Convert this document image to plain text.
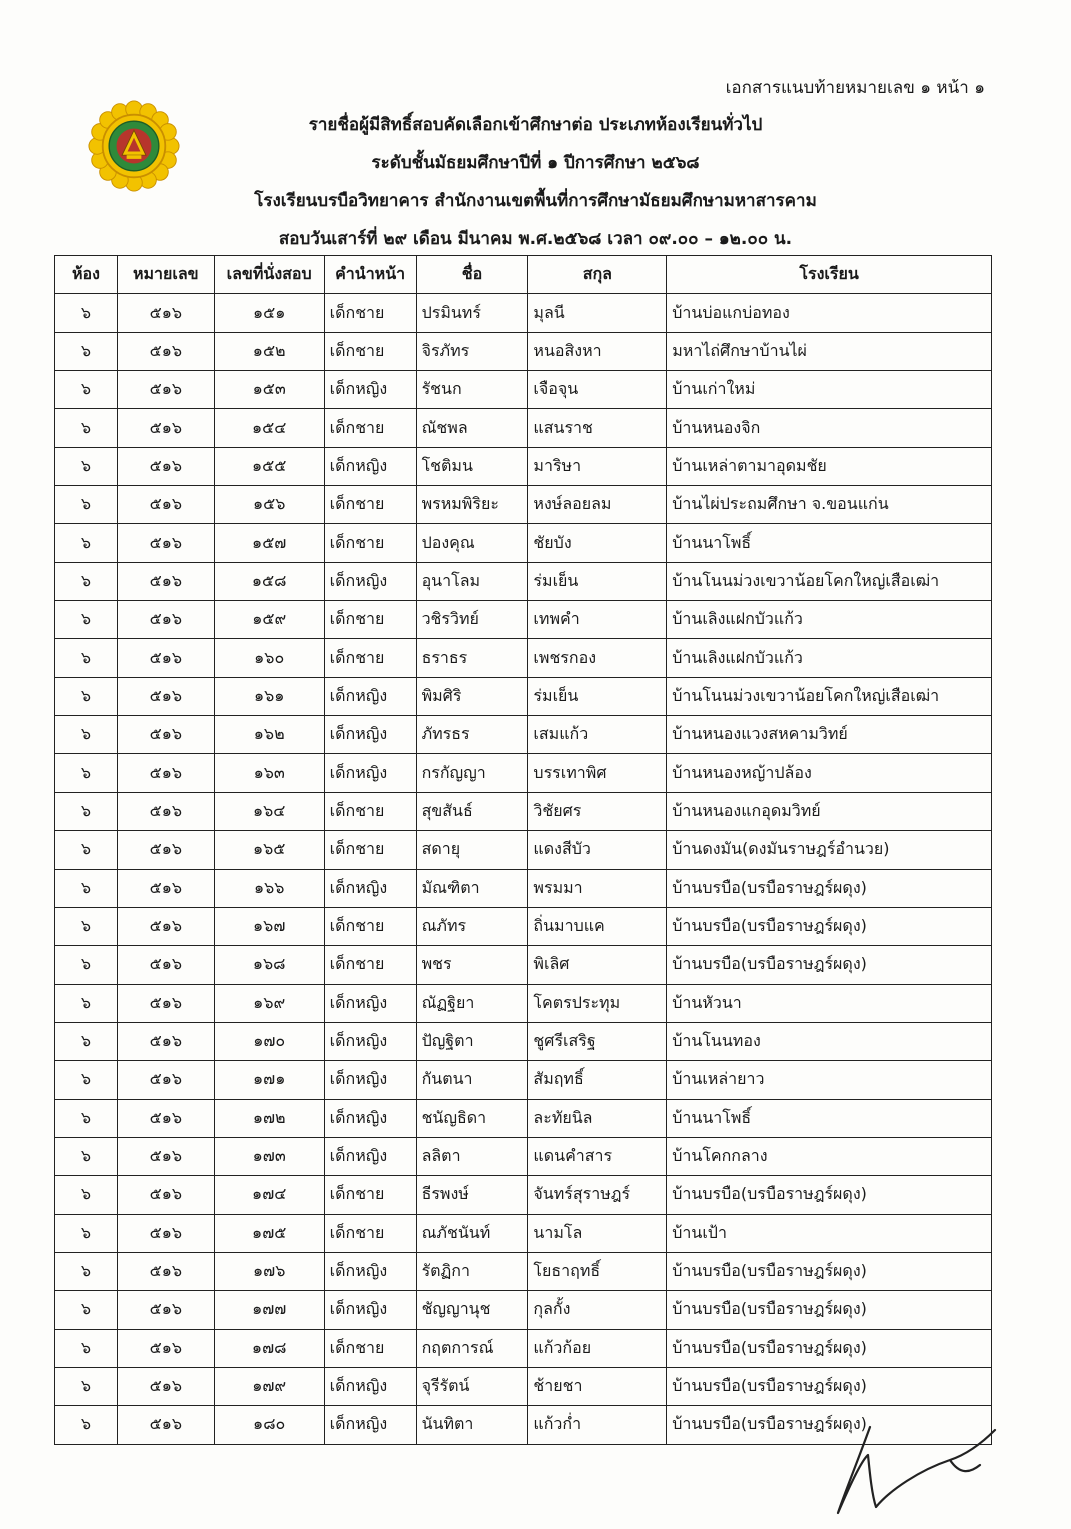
เอกสารแนบท้ายหมายเลข ๑ หน้า ๑
รายชื่อผู้มีสิทธิ์สอบคัดเลือกเข้าศึกษาต่อ ประเภทห้องเรียนทั่วไป
ระดับชั้นมัธยมศึกษาปีที่ ๑ ปีการศึกษา ๒๕๖๘
โรงเรียนบรบือวิทยาคาร สำนักงานเขตพื้นที่การศึกษามัธยมศึกษามหาสารคาม
สอบวันเสาร์ที่ ๒๙ เดือน มีนาคม พ.ศ.๒๕๖๘ เวลา ๐๙.๐๐ – ๑๒.๐๐ น.
ห้อง	หมายเลข	เลขที่นั่งสอบ	คำนำหน้า	ชื่อ	สกุล	โรงเรียน
๖	๕๑๖	๑๕๑	เด็กชาย	ปรมินทร์	มุลนี	บ้านบ่อแกบ่อทอง
๖	๕๑๖	๑๕๒	เด็กชาย	จิรภัทร	หนอสิงหา	มหาไถ่ศึกษาบ้านไผ่
๖	๕๑๖	๑๕๓	เด็กหญิง	รัชนก	เจือจุน	บ้านเก่าใหม่
๖	๕๑๖	๑๕๔	เด็กชาย	ณัชพล	แสนราช	บ้านหนองจิก
๖	๕๑๖	๑๕๕	เด็กหญิง	โชติมน	มาริษา	บ้านเหล่าตามาอุดมชัย
๖	๕๑๖	๑๕๖	เด็กชาย	พรหมพิริยะ	หงษ์ลอยลม	บ้านไผ่ประถมศึกษา จ.ขอนแก่น
๖	๕๑๖	๑๕๗	เด็กชาย	ปองคุณ	ชัยบัง	บ้านนาโพธิ์
๖	๕๑๖	๑๕๘	เด็กหญิง	อุนาโลม	ร่มเย็น	บ้านโนนม่วงเขวาน้อยโคกใหญ่เสือเฒ่า
๖	๕๑๖	๑๕๙	เด็กชาย	วชิรวิทย์	เทพคำ	บ้านเลิงแฝกบัวแก้ว
๖	๕๑๖	๑๖๐	เด็กชาย	ธราธร	เพชรกอง	บ้านเลิงแฝกบัวแก้ว
๖	๕๑๖	๑๖๑	เด็กหญิง	พิมศิริ	ร่มเย็น	บ้านโนนม่วงเขวาน้อยโคกใหญ่เสือเฒ่า
๖	๕๑๖	๑๖๒	เด็กหญิง	ภัทรธร	เสมแก้ว	บ้านหนองแวงสหคามวิทย์
๖	๕๑๖	๑๖๓	เด็กหญิง	กรกัญญา	บรรเทาพิศ	บ้านหนองหญ้าปล้อง
๖	๕๑๖	๑๖๔	เด็กชาย	สุขสันธ์	วิชัยศร	บ้านหนองแกอุดมวิทย์
๖	๕๑๖	๑๖๕	เด็กชาย	สดายุ	แดงสีบัว	บ้านดงมัน(ดงมันราษฎร์อำนวย)
๖	๕๑๖	๑๖๖	เด็กหญิง	มัณฑิตา	พรมมา	บ้านบรบือ(บรบือราษฎร์ผดุง)
๖	๕๑๖	๑๖๗	เด็กชาย	ณภัทร	ถิ่นมาบแค	บ้านบรบือ(บรบือราษฎร์ผดุง)
๖	๕๑๖	๑๖๘	เด็กชาย	พชร	พิเลิศ	บ้านบรบือ(บรบือราษฎร์ผดุง)
๖	๕๑๖	๑๖๙	เด็กหญิง	ณัฏฐิยา	โคตรประทุม	บ้านหัวนา
๖	๕๑๖	๑๗๐	เด็กหญิง	ปัญฐิตา	ชูศรีเสริฐ	บ้านโนนทอง
๖	๕๑๖	๑๗๑	เด็กหญิง	กันตนา	สัมฤทธิ์	บ้านเหล่ายาว
๖	๕๑๖	๑๗๒	เด็กหญิง	ชนัญธิดา	ละทัยนิล	บ้านนาโพธิ์
๖	๕๑๖	๑๗๓	เด็กหญิง	ลลิตา	แดนคำสาร	บ้านโคกกลาง
๖	๕๑๖	๑๗๔	เด็กชาย	ธีรพงษ์	จันทร์สุราษฎร์	บ้านบรบือ(บรบือราษฎร์ผดุง)
๖	๕๑๖	๑๗๕	เด็กชาย	ณภัชนันท์	นามโล	บ้านเป้า
๖	๕๑๖	๑๗๖	เด็กหญิง	รัตฏิกา	โยธาฤทธิ์	บ้านบรบือ(บรบือราษฎร์ผดุง)
๖	๕๑๖	๑๗๗	เด็กหญิง	ชัญญานุช	กุลกั้ง	บ้านบรบือ(บรบือราษฎร์ผดุง)
๖	๕๑๖	๑๗๘	เด็กชาย	กฤตการณ์	แก้วก้อย	บ้านบรบือ(บรบือราษฎร์ผดุง)
๖	๕๑๖	๑๗๙	เด็กหญิง	จุรีรัตน์	ช้ายชา	บ้านบรบือ(บรบือราษฎร์ผดุง)
๖	๕๑๖	๑๘๐	เด็กหญิง	นันทิตา	แก้วก่ำ	บ้านบรบือ(บรบือราษฎร์ผดุง)
